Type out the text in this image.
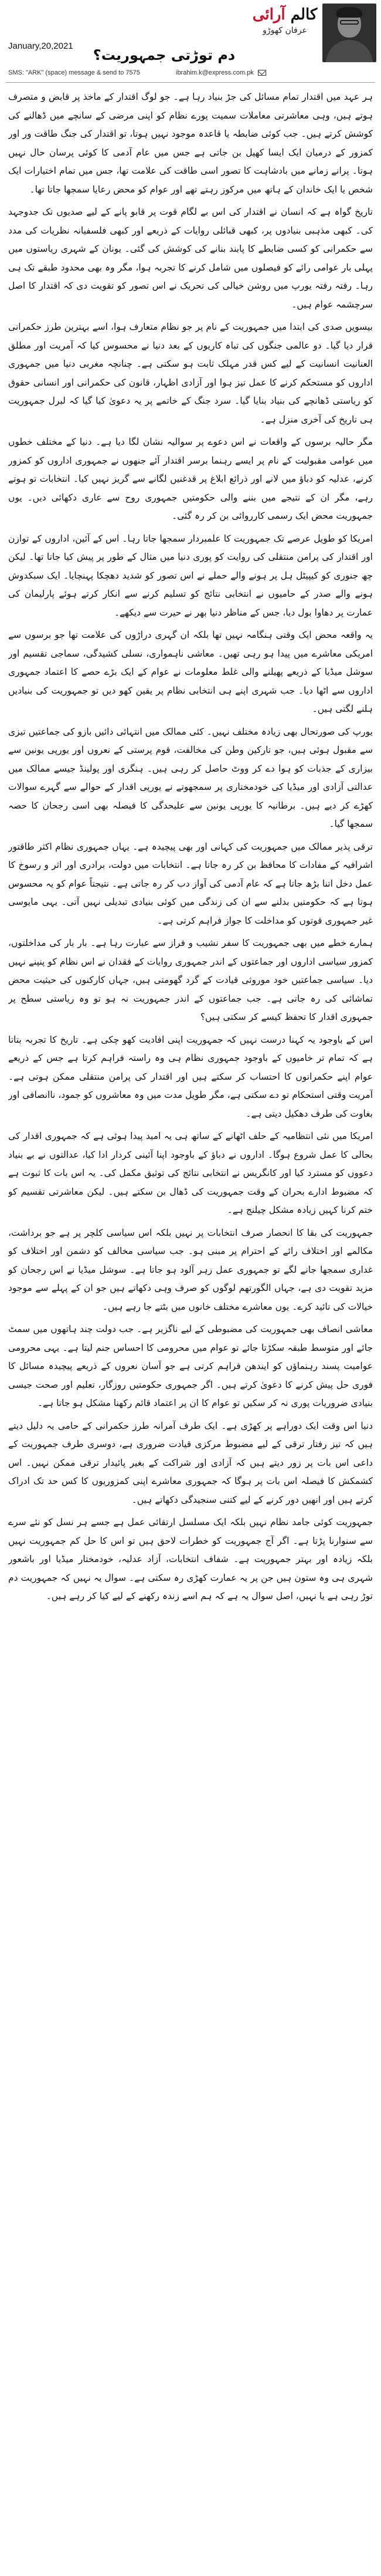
کالم آرائی
عرفان کھوڑو
دم توڑتی جمہوریت؟
January,20,2021
SMS: "ARK" (space) message & send to 7575	ibrahim.k@express.com.pk

ہر عہد میں اقتدار تمام مسائل کی جڑ بنیاد رہا ہے۔ جو لوگ اقتدار کے ماخذ پر قابض و متصرف ہوتے ہیں، وہی معاشرتی معاملات سمیت پورے نظام کو اپنی مرضی کے سانچے میں ڈھالنے کی کوشش کرتے ہیں۔ جب کوئی ضابطہ یا قاعدہ موجود نہیں ہوتا، تو اقتدار کی جنگ طاقت ور اور کمزور کے درمیان ایک ایسا کھیل بن جاتی ہے جس میں عام آدمی کا کوئی پرسان حال نہیں ہوتا۔ پرانے زمانے میں بادشاہت کا تصور اسی طاقت کی علامت تھا، جس میں تمام اختیارات ایک شخص یا ایک خاندان کے ہاتھ میں مرکوز رہتے تھے اور عوام کو محض رعایا سمجھا جاتا تھا۔

تاریخ گواہ ہے کہ انسان نے اقتدار کی اس بے لگام قوت پر قابو پانے کے لیے صدیوں تک جدوجہد کی۔ کبھی مذہبی بنیادوں پر، کبھی قبائلی روایات کے ذریعے اور کبھی فلسفیانہ نظریات کی مدد سے حکمرانی کو کسی ضابطے کا پابند بنانے کی کوشش کی گئی۔ یونان کے شہری ریاستوں میں پہلی بار عوامی رائے کو فیصلوں میں شامل کرنے کا تجربہ ہوا، مگر وہ بھی محدود طبقے تک ہی رہا۔ رفتہ رفتہ یورپ میں روشن خیالی کی تحریک نے اس تصور کو تقویت دی کہ اقتدار کا اصل سرچشمہ عوام ہیں۔

بیسویں صدی کی ابتدا میں جمہوریت کے نام پر جو نظام متعارف ہوا، اسے بہترین طرز حکمرانی قرار دیا گیا۔ دو عالمی جنگوں کی تباہ کاریوں کے بعد دنیا نے محسوس کیا کہ آمریت اور مطلق العنانیت انسانیت کے لیے کس قدر مہلک ثابت ہو سکتی ہے۔ چنانچہ مغربی دنیا میں جمہوری اداروں کو مستحکم کرنے کا عمل تیز ہوا اور آزادی اظہار، قانون کی حکمرانی اور انسانی حقوق کو ریاستی ڈھانچے کی بنیاد بنایا گیا۔ سرد جنگ کے خاتمے پر یہ دعویٰ کیا گیا کہ لبرل جمہوریت ہی تاریخ کی آخری منزل ہے۔

مگر حالیہ برسوں کے واقعات نے اس دعوے پر سوالیہ نشان لگا دیا ہے۔ دنیا کے مختلف خطوں میں عوامی مقبولیت کے نام پر ایسے رہنما برسر اقتدار آئے جنھوں نے جمہوری اداروں کو کمزور کرنے، عدلیہ کو دباؤ میں لانے اور ذرائع ابلاغ پر قدغنیں لگانے سے گریز نہیں کیا۔ انتخابات تو ہوتے رہے، مگر ان کے نتیجے میں بننے والی حکومتیں جمہوری روح سے عاری دکھائی دیں۔ یوں جمہوریت محض ایک رسمی کارروائی بن کر رہ گئی۔

امریکا کو طویل عرصے تک جمہوریت کا علمبردار سمجھا جاتا رہا۔ اس کے آئین، اداروں کے توازن اور اقتدار کی پرامن منتقلی کی روایت کو پوری دنیا میں مثال کے طور پر پیش کیا جاتا تھا۔ لیکن چھ جنوری کو کیپیٹل ہل پر ہونے والے حملے نے اس تصور کو شدید دھچکا پہنچایا۔ ایک سبکدوش ہونے والے صدر کے حامیوں نے انتخابی نتائج کو تسلیم کرنے سے انکار کرتے ہوئے پارلیمان کی عمارت پر دھاوا بول دیا، جس کے مناظر دنیا بھر نے حیرت سے دیکھے۔

یہ واقعہ محض ایک وقتی ہنگامہ نہیں تھا بلکہ ان گہری دراڑوں کی علامت تھا جو برسوں سے امریکی معاشرے میں پیدا ہو رہی تھیں۔ معاشی ناہمواری، نسلی کشیدگی، سماجی تقسیم اور سوشل میڈیا کے ذریعے پھیلنے والی غلط معلومات نے عوام کے ایک بڑے حصے کا اعتماد جمہوری اداروں سے اٹھا دیا۔ جب شہری اپنے ہی انتخابی نظام پر یقین کھو دیں تو جمہوریت کی بنیادیں ہلنے لگتی ہیں۔

یورپ کی صورتحال بھی زیادہ مختلف نہیں۔ کئی ممالک میں انتہائی دائیں بازو کی جماعتیں تیزی سے مقبول ہوئی ہیں، جو تارکین وطن کی مخالفت، قوم پرستی کے نعروں اور یورپی یونین سے بیزاری کے جذبات کو ہوا دے کر ووٹ حاصل کر رہی ہیں۔ ہنگری اور پولینڈ جیسے ممالک میں عدالتی آزادی اور میڈیا کی خودمختاری پر سمجھوتے نے یورپی اقدار کے حوالے سے گہرے سوالات کھڑے کر دیے ہیں۔ برطانیہ کا یورپی یونین سے علیحدگی کا فیصلہ بھی اسی رجحان کا حصہ سمجھا گیا۔

ترقی پذیر ممالک میں جمہوریت کی کہانی اور بھی پیچیدہ ہے۔ یہاں جمہوری نظام اکثر طاقتور اشرافیہ کے مفادات کا محافظ بن کر رہ جاتا ہے۔ انتخابات میں دولت، برادری اور اثر و رسوخ کا عمل دخل اتنا بڑھ جاتا ہے کہ عام آدمی کی آواز دب کر رہ جاتی ہے۔ نتیجتاً عوام کو یہ محسوس ہوتا ہے کہ حکومتیں بدلنے سے ان کی زندگی میں کوئی بنیادی تبدیلی نہیں آتی۔ یہی مایوسی غیر جمہوری قوتوں کو مداخلت کا جواز فراہم کرتی ہے۔

ہمارے خطے میں بھی جمہوریت کا سفر نشیب و فراز سے عبارت رہا ہے۔ بار بار کی مداخلتوں، کمزور سیاسی اداروں اور جماعتوں کے اندر جمہوری روایات کے فقدان نے اس نظام کو پنپنے نہیں دیا۔ سیاسی جماعتیں خود موروثی قیادت کے گرد گھومتی ہیں، جہاں کارکنوں کی حیثیت محض تماشائی کی رہ جاتی ہے۔ جب جماعتوں کے اندر جمہوریت نہ ہو تو وہ ریاستی سطح پر جمہوری اقدار کا تحفظ کیسے کر سکتی ہیں؟

اس کے باوجود یہ کہنا درست نہیں کہ جمہوریت اپنی افادیت کھو چکی ہے۔ تاریخ کا تجربہ بتاتا ہے کہ تمام تر خامیوں کے باوجود جمہوری نظام ہی وہ راستہ فراہم کرتا ہے جس کے ذریعے عوام اپنے حکمرانوں کا احتساب کر سکتے ہیں اور اقتدار کی پرامن منتقلی ممکن ہوتی ہے۔ آمریت وقتی استحکام تو دے سکتی ہے، مگر طویل مدت میں وہ معاشروں کو جمود، ناانصافی اور بغاوت کی طرف دھکیل دیتی ہے۔

امریکا میں نئی انتظامیہ کے حلف اٹھانے کے ساتھ ہی یہ امید پیدا ہوئی ہے کہ جمہوری اقدار کی بحالی کا عمل شروع ہوگا۔ اداروں نے دباؤ کے باوجود اپنا آئینی کردار ادا کیا، عدالتوں نے بے بنیاد دعووں کو مسترد کیا اور کانگریس نے انتخابی نتائج کی توثیق مکمل کی۔ یہ اس بات کا ثبوت ہے کہ مضبوط ادارے بحران کے وقت جمہوریت کی ڈھال بن سکتے ہیں۔ لیکن معاشرتی تقسیم کو ختم کرنا کہیں زیادہ مشکل چیلنج ہے۔

جمہوریت کی بقا کا انحصار صرف انتخابات پر نہیں بلکہ اس سیاسی کلچر پر ہے جو برداشت، مکالمے اور اختلاف رائے کے احترام پر مبنی ہو۔ جب سیاسی مخالف کو دشمن اور اختلاف کو غداری سمجھا جانے لگے تو جمہوری عمل زہر آلود ہو جاتا ہے۔ سوشل میڈیا نے اس رجحان کو مزید تقویت دی ہے، جہاں الگورتھم لوگوں کو صرف وہی دکھاتے ہیں جو ان کے پہلے سے موجود خیالات کی تائید کرے۔ یوں معاشرے مختلف خانوں میں بٹتے جا رہے ہیں۔

معاشی انصاف بھی جمہوریت کی مضبوطی کے لیے ناگزیر ہے۔ جب دولت چند ہاتھوں میں سمٹ جائے اور متوسط طبقہ سکڑتا جائے تو عوام میں محرومی کا احساس جنم لیتا ہے۔ یہی محرومی عوامیت پسند رہنماؤں کو ایندھن فراہم کرتی ہے جو آسان نعروں کے ذریعے پیچیدہ مسائل کا فوری حل پیش کرنے کا دعویٰ کرتے ہیں۔ اگر جمہوری حکومتیں روزگار، تعلیم اور صحت جیسی بنیادی ضروریات پوری نہ کر سکیں تو عوام کا ان پر اعتماد قائم رکھنا مشکل ہو جاتا ہے۔

دنیا اس وقت ایک دوراہے پر کھڑی ہے۔ ایک طرف آمرانہ طرز حکمرانی کے حامی یہ دلیل دیتے ہیں کہ تیز رفتار ترقی کے لیے مضبوط مرکزی قیادت ضروری ہے، دوسری طرف جمہوریت کے داعی اس بات پر زور دیتے ہیں کہ آزادی اور شراکت کے بغیر پائیدار ترقی ممکن نہیں۔ اس کشمکش کا فیصلہ اس بات پر ہوگا کہ جمہوری معاشرے اپنی کمزوریوں کا کس حد تک ادراک کرتے ہیں اور انھیں دور کرنے کے لیے کتنی سنجیدگی دکھاتے ہیں۔

جمہوریت کوئی جامد نظام نہیں بلکہ ایک مسلسل ارتقائی عمل ہے جسے ہر نسل کو نئے سرے سے سنوارنا پڑتا ہے۔ اگر آج جمہوریت کو خطرات لاحق ہیں تو اس کا حل کم جمہوریت نہیں بلکہ زیادہ اور بہتر جمہوریت ہے۔ شفاف انتخابات، آزاد عدلیہ، خودمختار میڈیا اور باشعور شہری ہی وہ ستون ہیں جن پر یہ عمارت کھڑی رہ سکتی ہے۔ سوال یہ نہیں کہ جمہوریت دم توڑ رہی ہے یا نہیں، اصل سوال یہ ہے کہ ہم اسے زندہ رکھنے کے لیے کیا کر رہے ہیں۔
